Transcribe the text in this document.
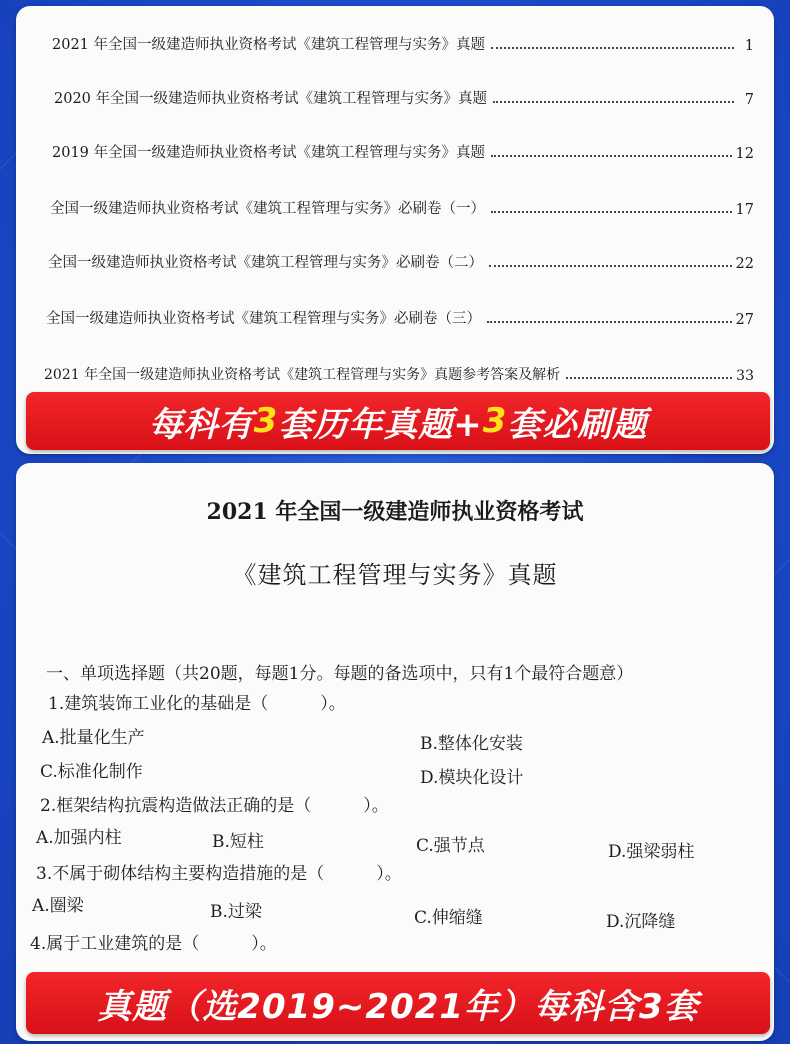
2021 年全国一级建造师执业资格考试《建筑工程管理与实务》真题	1
2020 年全国一级建造师执业资格考试《建筑工程管理与实务》真题	7
2019 年全国一级建造师执业资格考试《建筑工程管理与实务》真题	12
全国一级建造师执业资格考试《建筑工程管理与实务》必刷卷（一）	17
全国一级建造师执业资格考试《建筑工程管理与实务》必刷卷（二）	22
全国一级建造师执业资格考试《建筑工程管理与实务》必刷卷（三）	27
2021 年全国一级建造师执业资格考试《建筑工程管理与实务》真题参考答案及解析	33
每科有 3 套历年真题+ 3 套必刷题
2021 年全国一级建造师执业资格考试
《建筑工程管理与实务》真题
一、单项选择题（共20题，每题1分。每题的备选项中，只有1个最符合题意）
1.建筑装饰工业化的基础是（	）。
A.批量化生产	B.整体化安装
C.标准化制作	D.模块化设计
2.框架结构抗震构造做法正确的是（	）。
A.加强内柱	B.短柱	C.强节点	D.强梁弱柱
3.不属于砌体结构主要构造措施的是（	）。
A.圈梁	B.过梁	C.伸缩缝	D.沉降缝
4.属于工业建筑的是（	）。
真题（选2019~2021年）每科含3套
